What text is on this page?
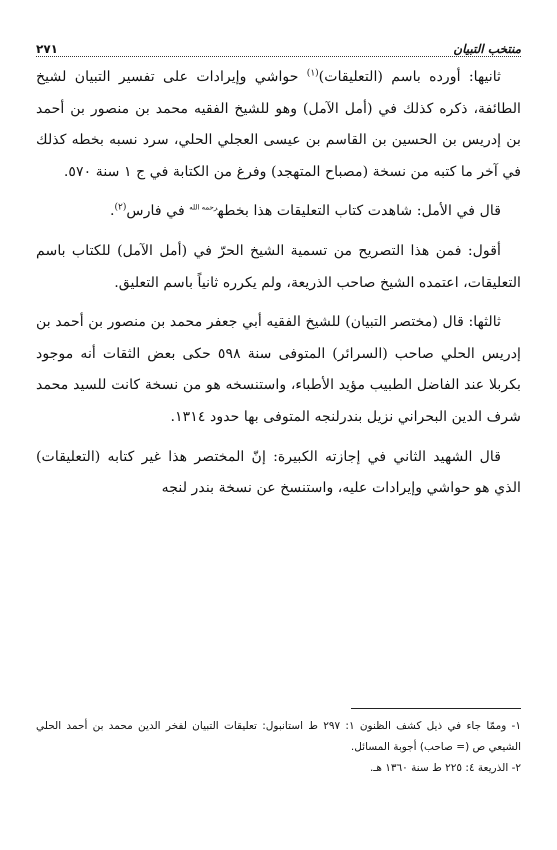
منتخب التبيان
٢٧١

ثانيها: أورده باسم (التعليقات)$^{(١)}$ حواشي وإيرادات على تفسير التبيان لشيخ الطائفة، ذكره كذلك في (أمل الآمل) وهو للشيخ الفقيه محمد بن منصور بن أحمد بن إدريس بن الحسين بن القاسم بن عيسى العجلي الحلي، سرد نسبه بخطه كذلك في آخر ما كتبه من نسخة (مصباح المتهجد) وفرغ من الكتابة في ج ١ سنة ٥٧٠.

قال في الأمل: شاهدت كتاب التعليقات هذا بخطه$^{رحمه الله}$ في فارس$^{(٢)}$.

أقول: فمن هذا التصريح من تسمية الشيخ الحرّ في (أمل الآمل) للكتاب باسم التعليقات، اعتمده الشيخ صاحب الذريعة، ولم يكرره ثانياً باسم التعليق.

ثالثها: قال (مختصر التبيان) للشيخ الفقيه أبي جعفر محمد بن منصور بن أحمد بن إدريس الحلي صاحب (السرائر) المتوفى سنة ٥٩٨ حكى بعض الثقات أنه موجود بكربلا عند الفاضل الطبيب مؤيد الأطباء، واستنسخه هو من نسخة كانت للسيد محمد شرف الدين البحراني نزيل بندرلنجه المتوفى بها حدود ١٣١٤.

قال الشهيد الثاني في إجازته الكبيرة: إنّ المختصر هذا غير كتابه (التعليقات) الذي هو حواشي وإيرادات عليه، واستنسخ عن نسخة بندر لنجه

١- وممّا جاء في ذيل كشف الظنون ١: ٢٩٧ ط استانبول: تعليقات التبيان لفخر الدين محمد بن أحمد الحلي الشيعي ص (= صاحب) أجوبة المسائل.

٢- الذريعة ٤: ٢٢٥ ط سنة ١٣٦٠ هـ.
